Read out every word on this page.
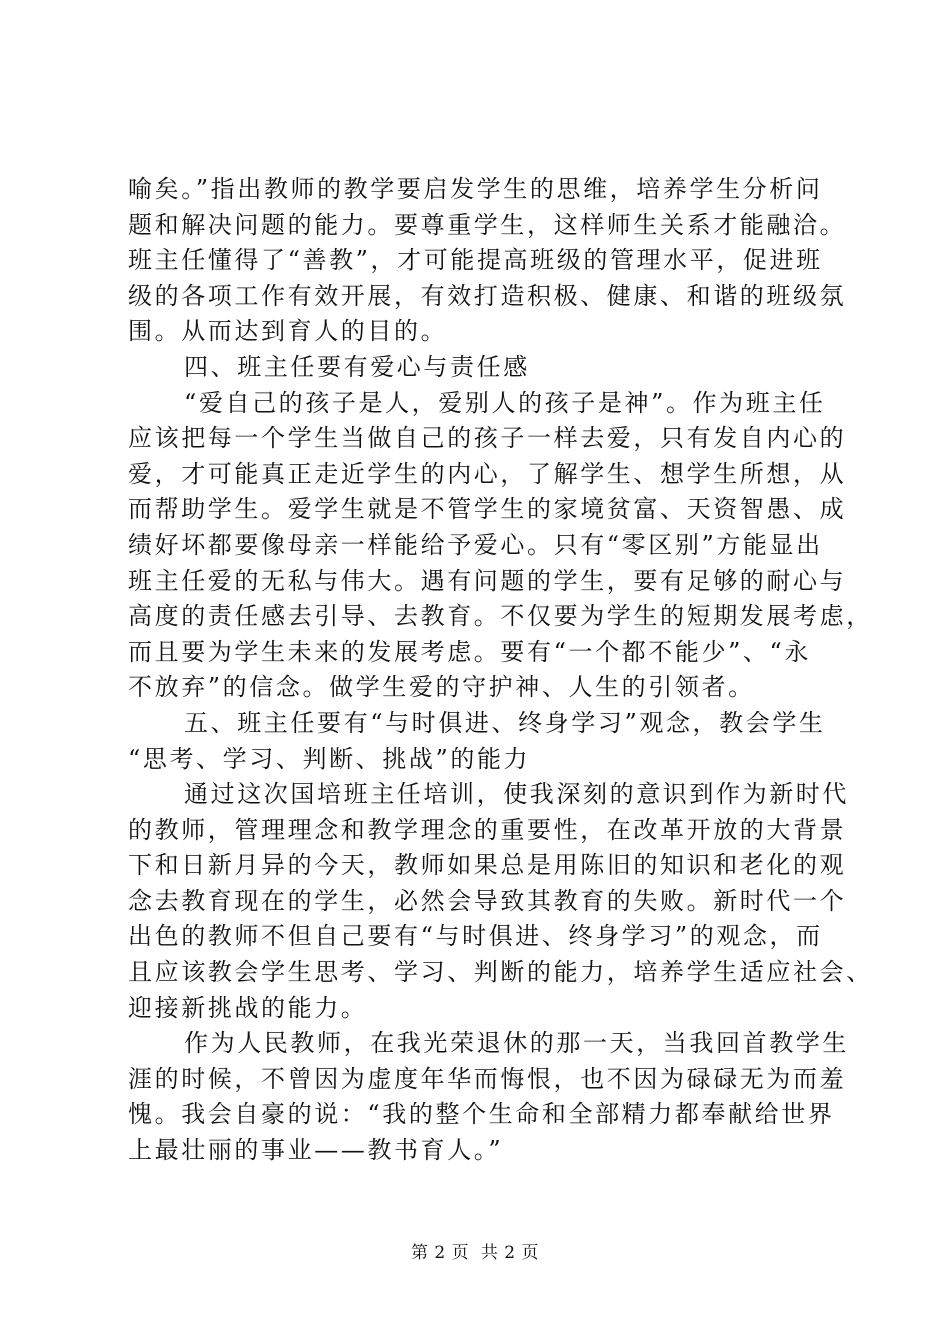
喻矣。”指出教师的教学要启发学生的思维，培养学生分析问
题和解决问题的能力。要尊重学生，这样师生关系才能融洽。
班主任懂得了“善教”，才可能提高班级的管理水平，促进班
级的各项工作有效开展，有效打造积极、健康、和谐的班级氛
围。从而达到育人的目的。
四、班主任要有爱心与责任感
“爱自己的孩子是人，爱别人的孩子是神”。作为班主任
应该把每一个学生当做自己的孩子一样去爱，只有发自内心的
爱，才可能真正走近学生的内心，了解学生、想学生所想，从
而帮助学生。爱学生就是不管学生的家境贫富、天资智愚、成
绩好坏都要像母亲一样能给予爱心。只有“零区别”方能显出
班主任爱的无私与伟大。遇有问题的学生，要有足够的耐心与
高度的责任感去引导、去教育。不仅要为学生的短期发展考虑，
而且要为学生未来的发展考虑。要有“一个都不能少”、“永
不放弃”的信念。做学生爱的守护神、人生的引领者。
五、班主任要有“与时俱进、终身学习”观念，教会学生
“思考、学习、判断、挑战”的能力
通过这次国培班主任培训，使我深刻的意识到作为新时代
的教师，管理理念和教学理念的重要性，在改革开放的大背景
下和日新月异的今天，教师如果总是用陈旧的知识和老化的观
念去教育现在的学生，必然会导致其教育的失败。新时代一个
出色的教师不但自己要有“与时俱进、终身学习”的观念，而
且应该教会学生思考、学习、判断的能力，培养学生适应社会、
迎接新挑战的能力。
作为人民教师，在我光荣退休的那一天，当我回首教学生
涯的时候，不曾因为虚度年华而悔恨，也不因为碌碌无为而羞
愧。我会自豪的说：“我的整个生命和全部精力都奉献给世界
上最壮丽的事业——教书育人。”
第 2 页  共 2 页
